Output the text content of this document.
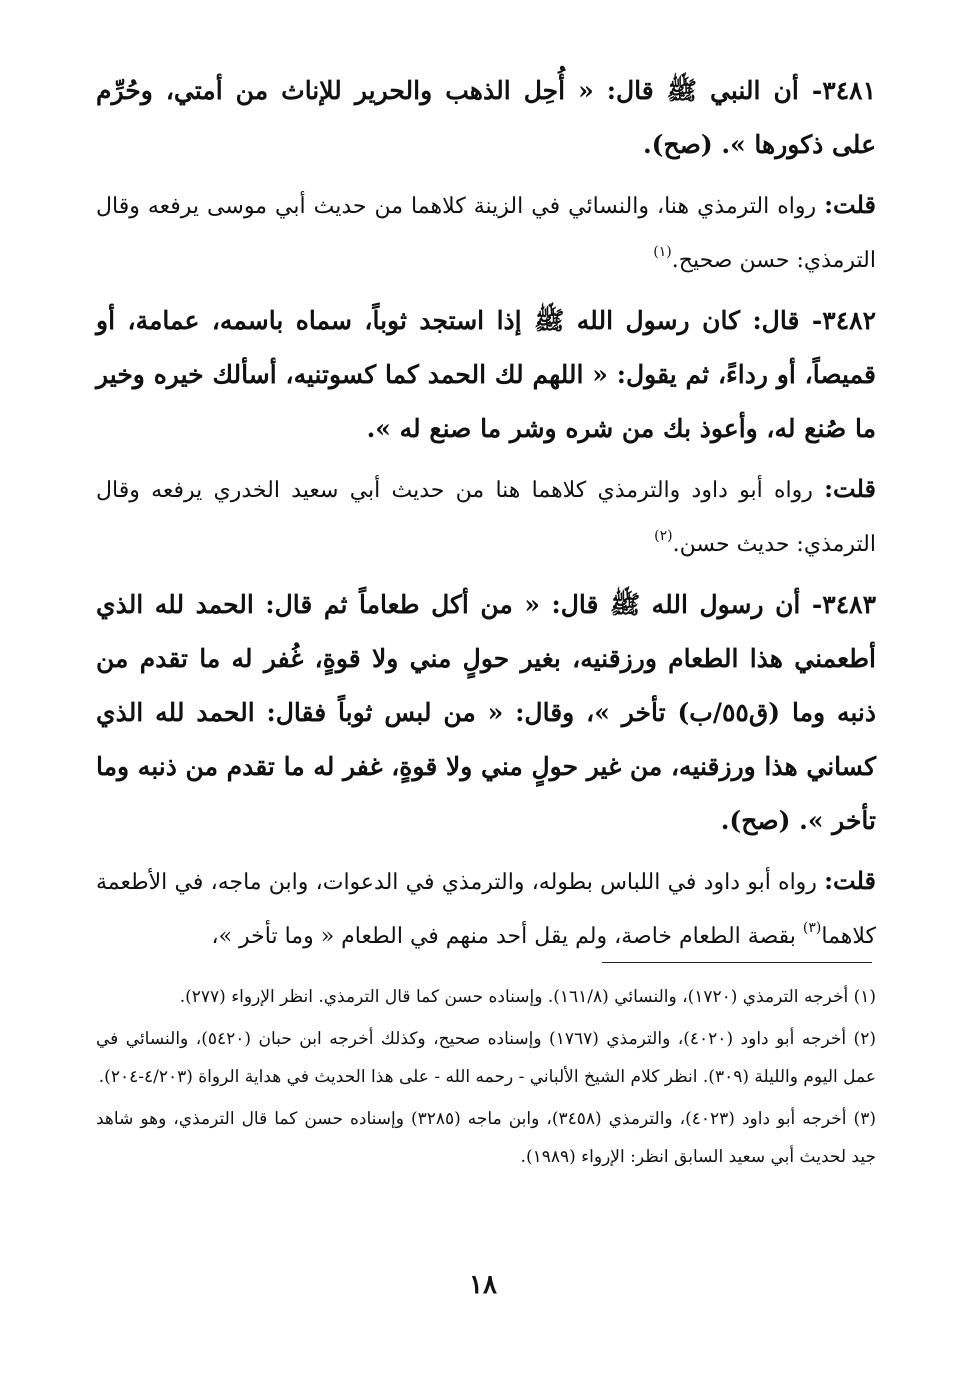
٣٤٨١- أن النبي ﷺ قال: « أُحِل الذهب والحرير للإناث من أمتي، وحُرِّم على ذكورها ». (صح).

قلت: رواه الترمذي هنا، والنسائي في الزينة كلاهما من حديث أبي موسى يرفعه وقال الترمذي: حسن صحيح.$^{(١)}$

٣٤٨٢- قال: كان رسول الله ﷺ إذا استجد ثوباً، سماه باسمه، عمامة، أو قميصاً، أو رداءً، ثم يقول: « اللهم لك الحمد كما كسوتنيه، أسألك خيره وخير ما صُنع له، وأعوذ بك من شره وشر ما صنع له ».

قلت: رواه أبو داود والترمذي كلاهما هنا من حديث أبي سعيد الخدري يرفعه وقال الترمذي: حديث حسن.$^{(٢)}$

٣٤٨٣- أن رسول الله ﷺ قال: « من أكل طعاماً ثم قال: الحمد لله الذي أطعمني هذا الطعام ورزقنيه، بغير حولٍ مني ولا قوةٍ، غُفر له ما تقدم من ذنبه وما (ق٥٥/ب) تأخر »، وقال: « من لبس ثوباً فقال: الحمد لله الذي كساني هذا ورزقنيه، من غير حولٍ مني ولا قوةٍ، غفر له ما تقدم من ذنبه وما تأخر ». (صح).

قلت: رواه أبو داود في اللباس بطوله، والترمذي في الدعوات، وابن ماجه، في الأطعمة كلاهما$^{(٣)}$ بقصة الطعام خاصة، ولم يقل أحد منهم في الطعام « وما تأخر »،

(١) أخرجه الترمذي (١٧٢٠)، والنسائي (١٦١/٨). وإسناده حسن كما قال الترمذي. انظر الإرواء (٢٧٧).

(٢) أخرجه أبو داود (٤٠٢٠)، والترمذي (١٧٦٧) وإسناده صحيح، وكذلك أخرجه ابن حبان (٥٤٢٠)، والنسائي في عمل اليوم والليلة (٣٠٩). انظر كلام الشيخ الألباني - رحمه الله - على هذا الحديث في هداية الرواة (٤/٢٠٣-٢٠٤).

(٣) أخرجه أبو داود (٤٠٢٣)، والترمذي (٣٤٥٨)، وابن ماجه (٣٢٨٥) وإسناده حسن كما قال الترمذي، وهو شاهد جيد لحديث أبي سعيد السابق انظر: الإرواء (١٩٨٩).

١٨
